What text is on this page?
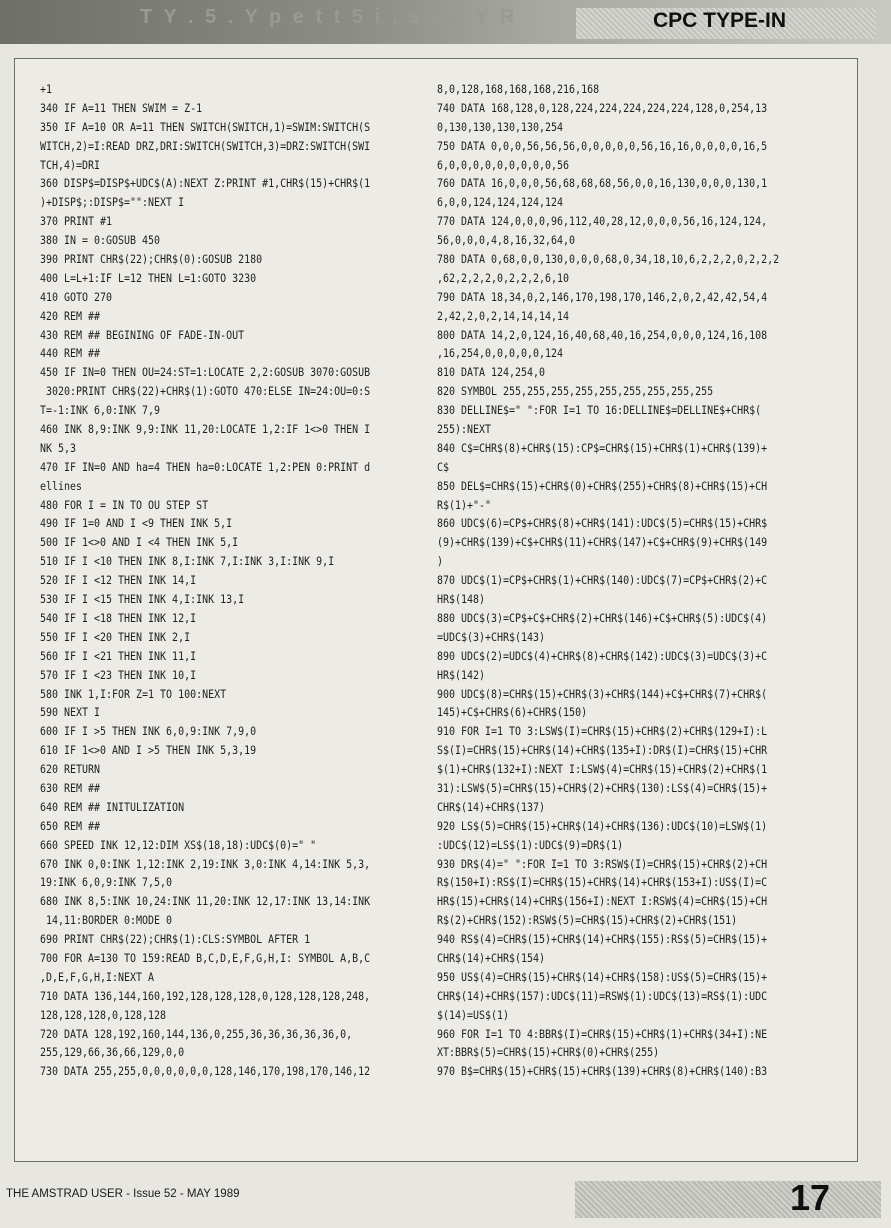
T Y . 5 . Y p e t t 5 i . s . w Y R	CPC TYPE-IN
+1
340 IF A=11 THEN SWIM = Z-1
350 IF A=10 OR A=11 THEN SWITCH(SWITCH,1)=SWIM:SWITCH(S
WITCH,2)=I:READ DRZ,DRI:SWITCH(SWITCH,3)=DRZ:SWITCH(SWI
TCH,4)=DRI
360 DISP$=DISP$+UDC$(A):NEXT Z:PRINT #1,CHR$(15)+CHR$(1
)+DISP$;:DISP$="":NEXT I
370 PRINT #1
380 IN = 0:GOSUB 450
390 PRINT CHR$(22);CHR$(0):GOSUB 2180
400 L=L+1:IF L=12 THEN L=1:GOTO 3230
410 GOTO 270
420 REM ##
430 REM ## BEGINING OF FADE-IN-OUT
440 REM ##
450 IF IN=0 THEN OU=24:ST=1:LOCATE 2,2:GOSUB 3070:GOSUB
3020:PRINT CHR$(22)+CHR$(1):GOTO 470:ELSE IN=24:OU=0:S
T=-1:INK 6,0:INK 7,9
460 INK 8,9:INK 9,9:INK 11,20:LOCATE 1,2:IF 1<>0 THEN I
NK 5,3
470 IF IN=0 AND ha=4 THEN ha=0:LOCATE 1,2:PEN 0:PRINT d
ellines
480 FOR I = IN TO OU STEP ST
490 IF 1=0 AND I <9 THEN INK 5,I
500 IF 1<>0 AND I <4 THEN INK 5,I
510 IF I <10 THEN INK 8,I:INK 7,I:INK 3,I:INK 9,I
520 IF I <12 THEN INK 14,I
530 IF I <15 THEN INK 4,I:INK 13,I
540 IF I <18 THEN INK 12,I
550 IF I <20 THEN INK 2,I
560 IF I <21 THEN INK 11,I
570 IF I <23 THEN INK 10,I
580 INK 1,I:FOR Z=1 TO 100:NEXT
590 NEXT I
600 IF I >5 THEN INK 6,0,9:INK 7,9,0
610 IF 1<>0 AND I >5 THEN INK 5,3,19
620 RETURN
630 REM ##
640 REM ## INITULIZATION
650 REM ##
660 SPEED INK 12,12:DIM XS$(18,18):UDC$(0)=" "
670 INK 0,0:INK 1,12:INK 2,19:INK 3,0:INK 4,14:INK 5,3,
19:INK 6,0,9:INK 7,5,0
680 INK 8,5:INK 10,24:INK 11,20:INK 12,17:INK 13,14:INK
14,11:BORDER 0:MODE 0
690 PRINT CHR$(22);CHR$(1):CLS:SYMBOL AFTER 1
700 FOR A=130 TO 159:READ B,C,D,E,F,G,H,I: SYMBOL A,B,C
,D,E,F,G,H,I:NEXT A
710 DATA 136,144,160,192,128,128,128,0,128,128,128,248,
128,128,128,0,128,128
720 DATA 128,192,160,144,136,0,255,36,36,36,36,36,0,
255,129,66,36,66,129,0,0
730 DATA 255,255,0,0,0,0,0,0,128,146,170,198,170,146,12
8,0,128,168,168,168,216,168
740 DATA 168,128,0,128,224,224,224,224,224,128,0,254,13
0,130,130,130,130,254
750 DATA 0,0,0,56,56,56,0,0,0,0,0,56,16,16,0,0,0,0,16,5
6,0,0,0,0,0,0,0,0,0,56
760 DATA 16,0,0,0,56,68,68,68,56,0,0,16,130,0,0,0,130,1
6,0,0,124,124,124,124
770 DATA 124,0,0,0,96,112,40,28,12,0,0,0,56,16,124,124,
56,0,0,0,4,8,16,32,64,0
780 DATA 0,68,0,0,130,0,0,0,68,0,34,18,10,6,2,2,2,0,2,2,2
,62,2,2,2,0,2,2,2,6,10
790 DATA 18,34,0,2,146,170,198,170,146,2,0,2,42,42,54,4
2,42,2,0,2,14,14,14,14
800 DATA 14,2,0,124,16,40,68,40,16,254,0,0,0,124,16,108
,16,254,0,0,0,0,0,124
810 DATA 124,254,0
820 SYMBOL 255,255,255,255,255,255,255,255,255
830 DELLINE$=" ":FOR I=1 TO 16:DELLINE$=DELLINE$+CHR$(
255):NEXT
840 C$=CHR$(8)+CHR$(15):CP$=CHR$(15)+CHR$(1)+CHR$(139)+
C$
850 DEL$=CHR$(15)+CHR$(0)+CHR$(255)+CHR$(8)+CHR$(15)+CH
R$(1)+"-"
860 UDC$(6)=CP$+CHR$(8)+CHR$(141):UDC$(5)=CHR$(15)+CHR$
(9)+CHR$(139)+C$+CHR$(11)+CHR$(147)+C$+CHR$(9)+CHR$(149
)
870 UDC$(1)=CP$+CHR$(1)+CHR$(140):UDC$(7)=CP$+CHR$(2)+C
HR$(148)
880 UDC$(3)=CP$+C$+CHR$(2)+CHR$(146)+C$+CHR$(5):UDC$(4)
=UDC$(3)+CHR$(143)
890 UDC$(2)=UDC$(4)+CHR$(8)+CHR$(142):UDC$(3)=UDC$(3)+C
HR$(142)
900 UDC$(8)=CHR$(15)+CHR$(3)+CHR$(144)+C$+CHR$(7)+CHR$(
145)+C$+CHR$(6)+CHR$(150)
910 FOR I=1 TO 3:LSW$(I)=CHR$(15)+CHR$(2)+CHR$(129+I):L
S$(I)=CHR$(15)+CHR$(14)+CHR$(135+I):DR$(I)=CHR$(15)+CHR
$(1)+CHR$(132+I):NEXT I:LSW$(4)=CHR$(15)+CHR$(2)+CHR$(1
31):LSW$(5)=CHR$(15)+CHR$(2)+CHR$(130):LS$(4)=CHR$(15)+
CHR$(14)+CHR$(137)
920 LS$(5)=CHR$(15)+CHR$(14)+CHR$(136):UDC$(10)=LSW$(1)
:UDC$(12)=LS$(1):UDC$(9)=DR$(1)
930 DR$(4)=" ":FOR I=1 TO 3:RSW$(I)=CHR$(15)+CHR$(2)+CH
R$(150+I):RS$(I)=CHR$(15)+CHR$(14)+CHR$(153+I):US$(I)=C
HR$(15)+CHR$(14)+CHR$(156+I):NEXT I:RSW$(4)=CHR$(15)+CH
R$(2)+CHR$(152):RSW$(5)=CHR$(15)+CHR$(2)+CHR$(151)
940 RS$(4)=CHR$(15)+CHR$(14)+CHR$(155):RS$(5)=CHR$(15)+
CHR$(14)+CHR$(154)
950 US$(4)=CHR$(15)+CHR$(14)+CHR$(158):US$(5)=CHR$(15)+
CHR$(14)+CHR$(157):UDC$(11)=RSW$(1):UDC$(13)=RS$(1):UDC
$(14)=US$(1)
960 FOR I=1 TO 4:BBR$(I)=CHR$(15)+CHR$(1)+CHR$(34+I):NE
XT:BBR$(5)=CHR$(15)+CHR$(0)+CHR$(255)
970 B$=CHR$(15)+CHR$(15)+CHR$(139)+CHR$(8)+CHR$(140):B3
THE AMSTRAD USER - Issue 52 - MAY 1989	17
